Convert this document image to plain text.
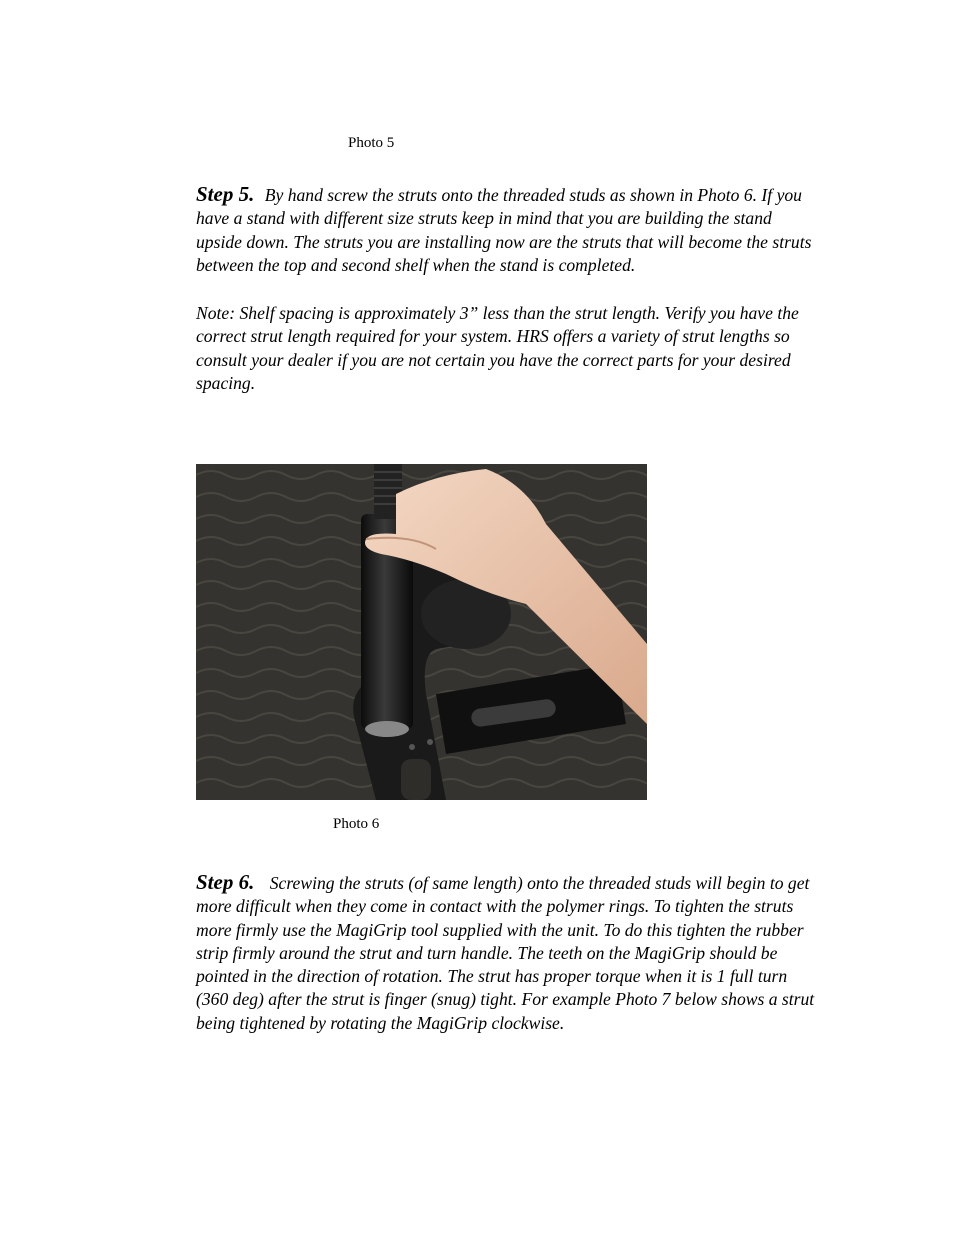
Photo 5

Step 5. By hand screw the struts onto the threaded studs as shown in Photo 6. If you have a stand with different size struts keep in mind that you are building the stand upside down. The struts you are installing now are the struts that will become the struts between the top and second shelf when the stand is completed.

Note: Shelf spacing is approximately 3” less than the strut length. Verify you have the correct strut length required for your system. HRS offers a variety of strut lengths so consult your dealer if you are not certain you have the correct parts for your desired spacing.

Photo 6

Step 6. Screwing the struts (of same length) onto the threaded studs will begin to get more difficult when they come in contact with the polymer rings. To tighten the struts more firmly use the MagiGrip tool supplied with the unit. To do this tighten the rubber strip firmly around the strut and turn handle. The teeth on the MagiGrip should be pointed in the direction of rotation. The strut has proper torque when it is 1 full turn (360 deg) after the strut is finger (snug) tight. For example Photo 7 below shows a strut being tightened by rotating the MagiGrip clockwise.
